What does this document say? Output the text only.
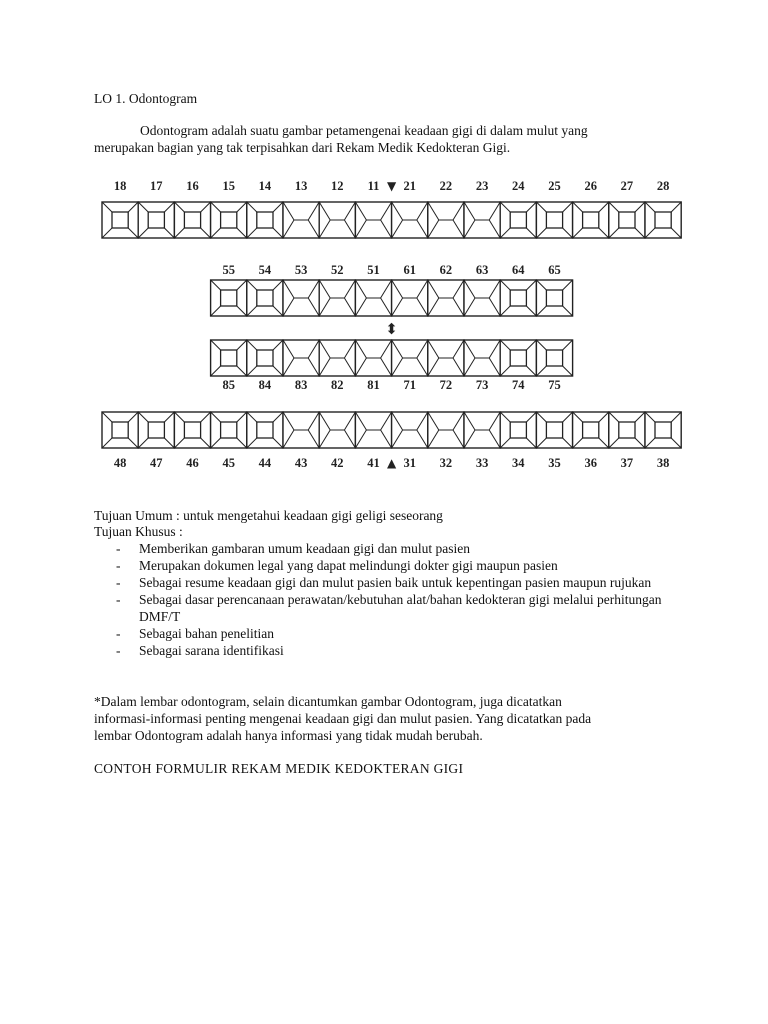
LO 1. Odontogram
Odontogram adalah suatu gambar petamengenai keadaan gigi di dalam mulut yang
merupakan bagian yang tak terpisahkan dari Rekam Medik Kedokteran Gigi.
18 17 16 15 14 13 12 11 21 22 23 24 25 26 27 28
▼
55 54 53 52 51 61 62 63 64 65
⬍
85 84 83 82 81 71 72 73 74 75
48 47 46 45 44 43 42 41 31 32 33 34 35 36 37 38
▲
Tujuan Umum : untuk mengetahui keadaan gigi geligi seseorang
Tujuan Khusus :
- Memberikan gambaran umum keadaan gigi dan mulut pasien
- Merupakan dokumen legal yang dapat melindungi dokter gigi maupun pasien
- Sebagai resume keadaan gigi dan mulut pasien baik untuk kepentingan pasien maupun rujukan
- Sebagai dasar perencanaan perawatan/kebutuhan alat/bahan kedokteran gigi melalui perhitungan DMF/T
- Sebagai bahan penelitian
- Sebagai sarana identifikasi
*Dalam lembar odontogram, selain dicantumkan gambar Odontogram, juga dicatatkan
informasi-informasi penting mengenai keadaan gigi dan mulut pasien. Yang dicatatkan pada
lembar Odontogram adalah hanya informasi yang tidak mudah berubah.
CONTOH FORMULIR REKAM MEDIK KEDOKTERAN GIGI
